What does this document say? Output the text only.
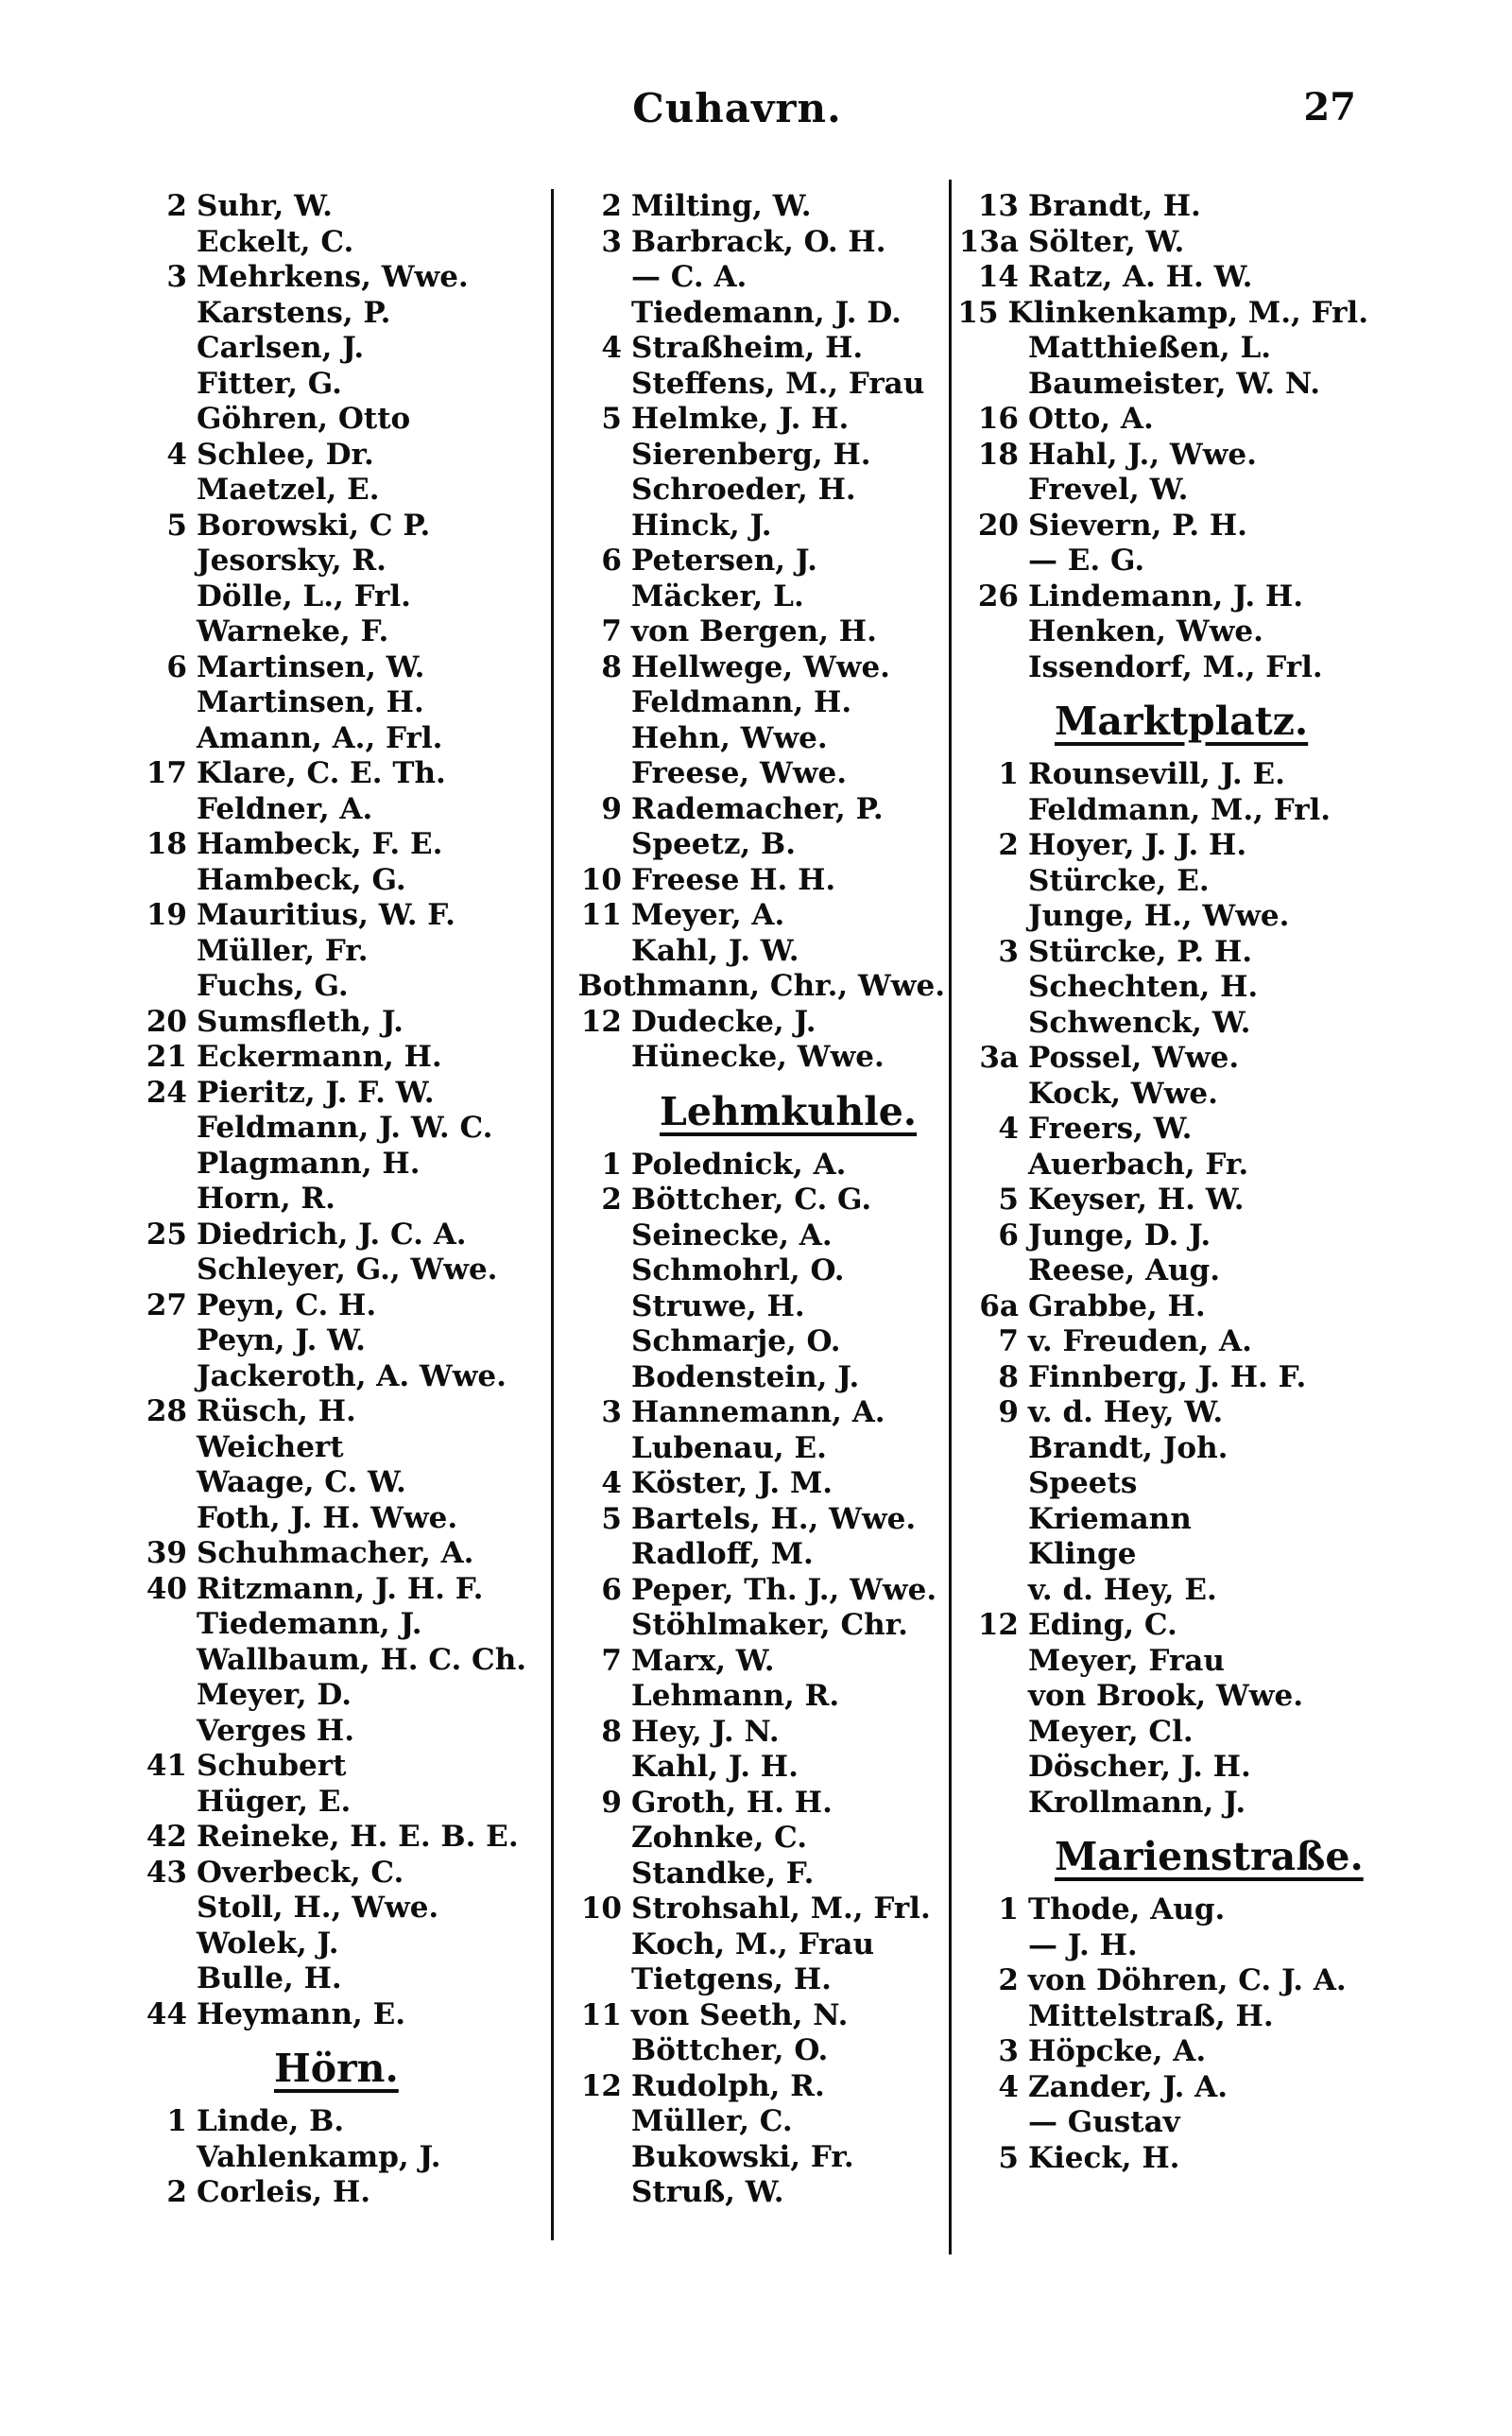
Cuhavrn.	27
2 Suhr, W.
Eckelt, C.
3 Mehrkens, Wwe.
Karstens, P.
Carlsen, J.
Fitter, G.
Göhren, Otto
4 Schlee, Dr.
Maetzel, E.
5 Borowski, C P.
Jesorsky, R.
Dölle, L., Frl.
Warneke, F.
6 Martinsen, W.
Martinsen, H.
Amann, A., Frl.
17 Klare, C. E. Th.
Feldner, A.
18 Hambeck, F. E.
Hambeck, G.
19 Mauritius, W. F.
Müller, Fr.
Fuchs, G.
20 Sumsfleth, J.
21 Eckermann, H.
24 Pieritz, J. F. W.
Feldmann, J. W. C.
Plagmann, H.
Horn, R.
25 Diedrich, J. C. A.
Schleyer, G., Wwe.
27 Peyn, C. H.
Peyn, J. W.
Jackeroth, A. Wwe.
28 Rüsch, H.
Weichert
Waage, C. W.
Foth, J. H. Wwe.
39 Schuhmacher, A.
40 Ritzmann, J. H. F.
Tiedemann, J.
Wallbaum, H. C. Ch.
Meyer, D.
Verges H.
41 Schubert
Hüger, E.
42 Reineke, H. E. B. E.
43 Overbeck, C.
Stoll, H., Wwe.
Wolek, J.
Bulle, H.
44 Heymann, E.
Hörn.
1 Linde, B.
Vahlenkamp, J.
2 Corleis, H.
2 Milting, W.
3 Barbrack, O. H.
— C. A.
Tiedemann, J. D.
4 Straßheim, H.
Steffens, M., Frau
5 Helmke, J. H.
Sierenberg, H.
Schroeder, H.
Hinck, J.
6 Petersen, J.
Mäcker, L.
7 von Bergen, H.
8 Hellwege, Wwe.
Feldmann, H.
Hehn, Wwe.
Freese, Wwe.
9 Rademacher, P.
Speetz, B.
10 Freese H. H.
11 Meyer, A.
Kahl, J. W.
Bothmann, Chr., Wwe.
12 Dudecke, J.
Hünecke, Wwe.
Lehmkuhle.
1 Polednick, A.
2 Böttcher, C. G.
Seinecke, A.
Schmohrl, O.
Struwe, H.
Schmarje, O.
Bodenstein, J.
3 Hannemann, A.
Lubenau, E.
4 Köster, J. M.
5 Bartels, H., Wwe.
Radloff, M.
6 Peper, Th. J., Wwe.
Stöhlmaker, Chr.
7 Marx, W.
Lehmann, R.
8 Hey, J. N.
Kahl, J. H.
9 Groth, H. H.
Zohnke, C.
Standke, F.
10 Strohsahl, M., Frl.
Koch, M., Frau
Tietgens, H.
11 von Seeth, N.
Böttcher, O.
12 Rudolph, R.
Müller, C.
Bukowski, Fr.
Struß, W.
13 Brandt, H.
13a Sölter, W.
14 Ratz, A. H. W.
15 Klinkenkamp, M., Frl.
Matthießen, L.
Baumeister, W. N.
16 Otto, A.
18 Hahl, J., Wwe.
Frevel, W.
20 Sievern, P. H.
— E. G.
26 Lindemann, J. H.
Henken, Wwe.
Issendorf, M., Frl.
Marktplatz.
1 Rounsevill, J. E.
Feldmann, M., Frl.
2 Hoyer, J. J. H.
Stürcke, E.
Junge, H., Wwe.
3 Stürcke, P. H.
Schechten, H.
Schwenck, W.
3a Possel, Wwe.
Kock, Wwe.
4 Freers, W.
Auerbach, Fr.
5 Keyser, H. W.
6 Junge, D. J.
Reese, Aug.
6a Grabbe, H.
7 v. Freuden, A.
8 Finnberg, J. H. F.
9 v. d. Hey, W.
Brandt, Joh.
Speets
Kriemann
Klinge
v. d. Hey, E.
12 Eding, C.
Meyer, Frau
von Brook, Wwe.
Meyer, Cl.
Döscher, J. H.
Krollmann, J.
Marienstraße.
1 Thode, Aug.
— J. H.
2 von Döhren, C. J. A.
Mittelstraß, H.
3 Höpcke, A.
4 Zander, J. A.
— Gustav
5 Kieck, H.
